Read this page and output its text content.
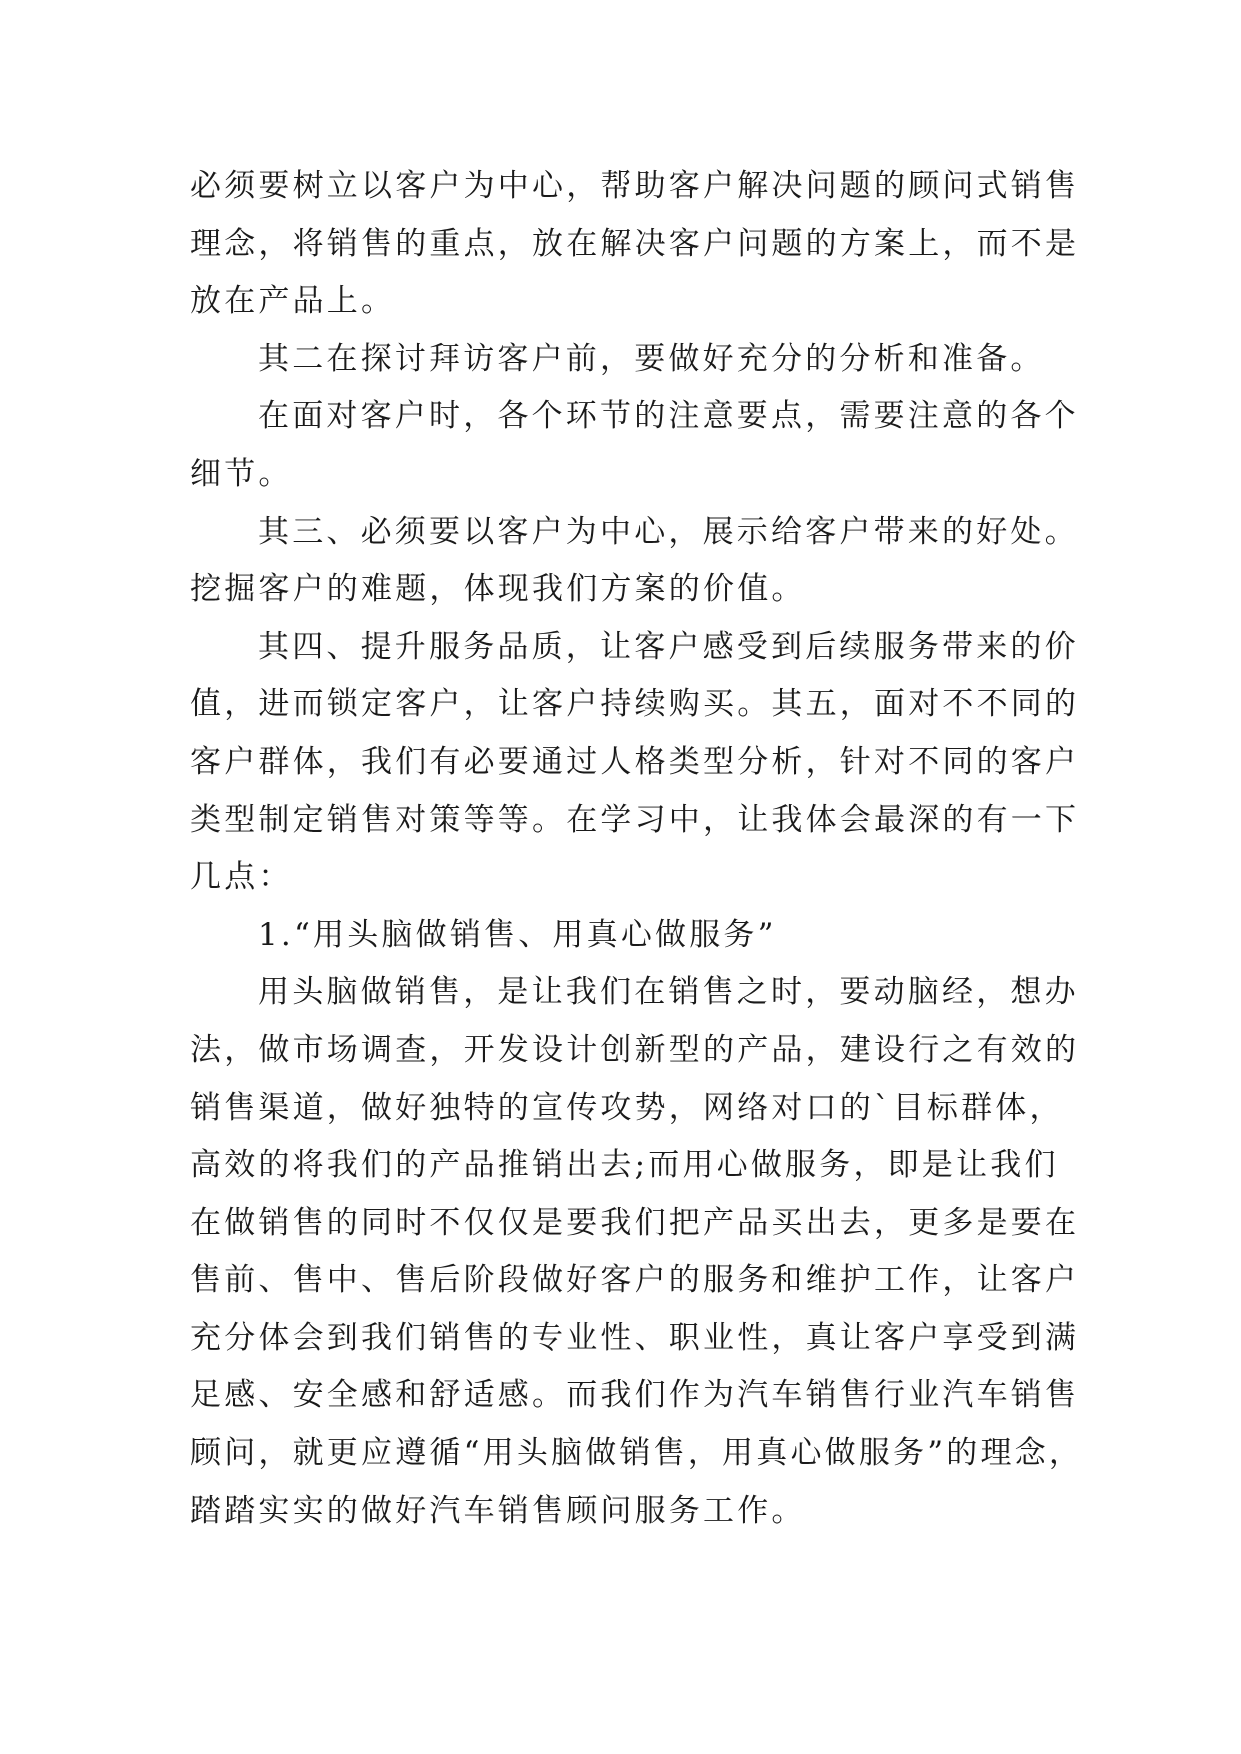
必须要树立以客户为中心，帮助客户解决问题的顾问式销售
理念，将销售的重点，放在解决客户问题的方案上，而不是
放在产品上。
其二在探讨拜访客户前，要做好充分的分析和准备。
在面对客户时，各个环节的注意要点，需要注意的各个
细节。
其三、必须要以客户为中心，展示给客户带来的好处。
挖掘客户的难题，体现我们方案的价值。
其四、提升服务品质，让客户感受到后续服务带来的价
值，进而锁定客户，让客户持续购买。其五，面对不不同的
客户群体，我们有必要通过人格类型分析，针对不同的客户
类型制定销售对策等等。在学习中，让我体会最深的有一下
几点：
1.“用头脑做销售、用真心做服务”
用头脑做销售，是让我们在销售之时，要动脑经，想办
法，做市场调查，开发设计创新型的产品，建设行之有效的
销售渠道，做好独特的宣传攻势，网络对口的`目标群体，
高效的将我们的产品推销出去;而用心做服务，即是让我们
在做销售的同时不仅仅是要我们把产品买出去，更多是要在
售前、售中、售后阶段做好客户的服务和维护工作，让客户
充分体会到我们销售的专业性、职业性，真让客户享受到满
足感、安全感和舒适感。而我们作为汽车销售行业汽车销售
顾问，就更应遵循“用头脑做销售，用真心做服务”的理念，
踏踏实实的做好汽车销售顾问服务工作。
